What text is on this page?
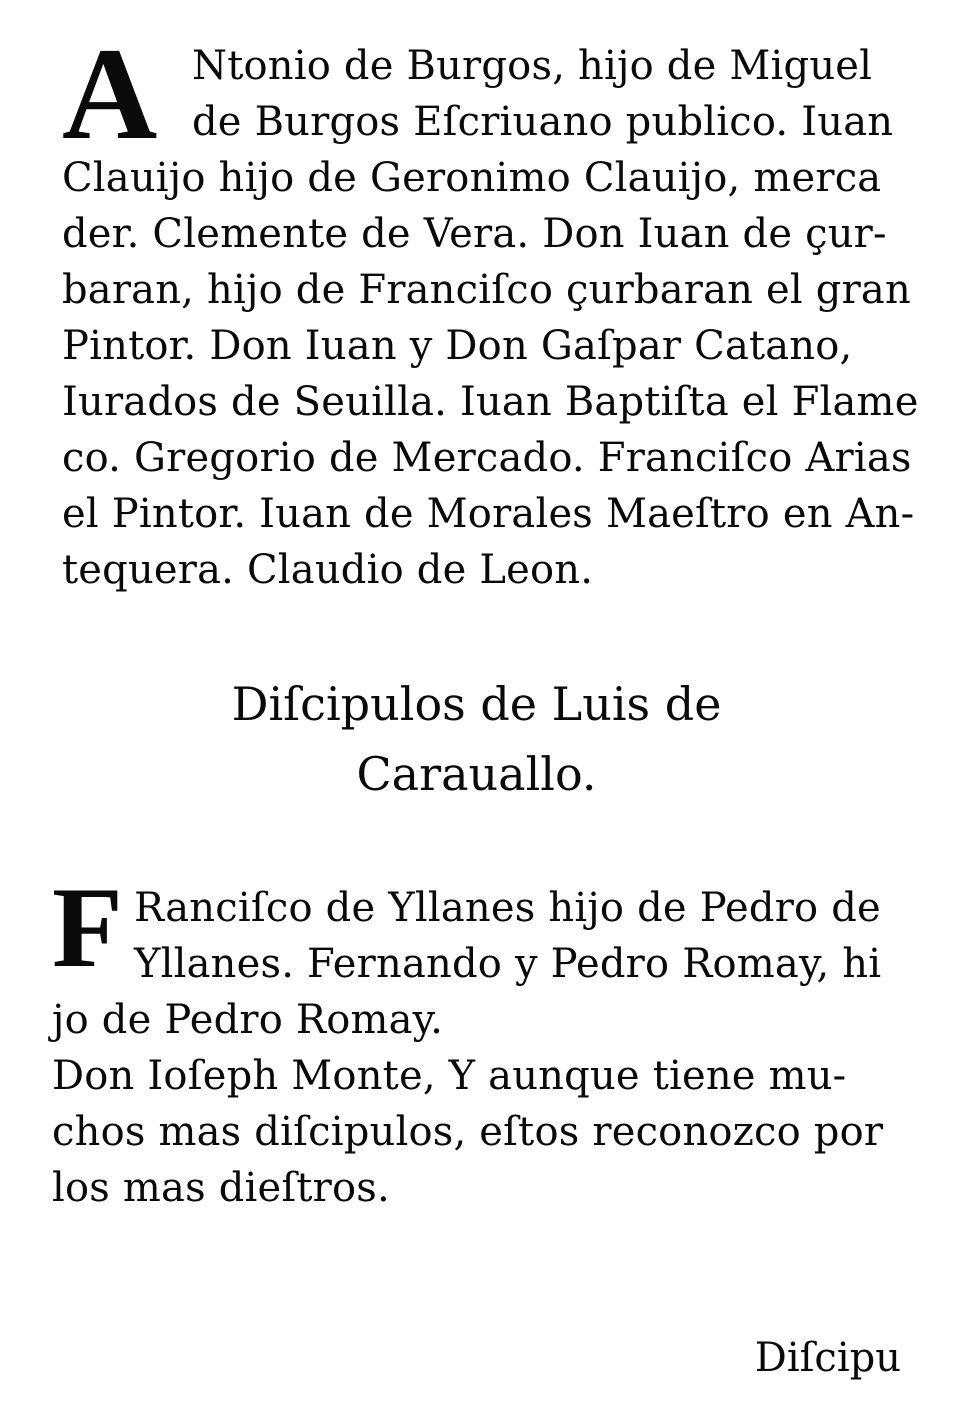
A Ntonio de Burgos, hijo de Miguel
de Burgos Eſcriuano publico. Iuan
Clauijo hijo de Geronimo Clauijo, merca
der. Clemente de Vera. Don Iuan de çur-
baran, hijo de Franciſco çurbaran el gran
Pintor. Don Iuan y Don Gaſpar Catano,
Iurados de Seuilla. Iuan Baptiſta el Flame
co. Gregorio de Mercado. Franciſco Arias
el Pintor. Iuan de Morales Maeſtro en An-
tequera. Claudio de Leon.
Diſcipulos de Luis de
Carauallo.
F Ranciſco de Yllanes hijo de Pedro de
Yllanes. Fernando y Pedro Romay, hi
jo de Pedro Romay.
Don Ioſeph Monte, Y aunque tiene mu-
chos mas diſcipulos, eſtos reconozco por
los mas dieſtros.
Diſcipu
